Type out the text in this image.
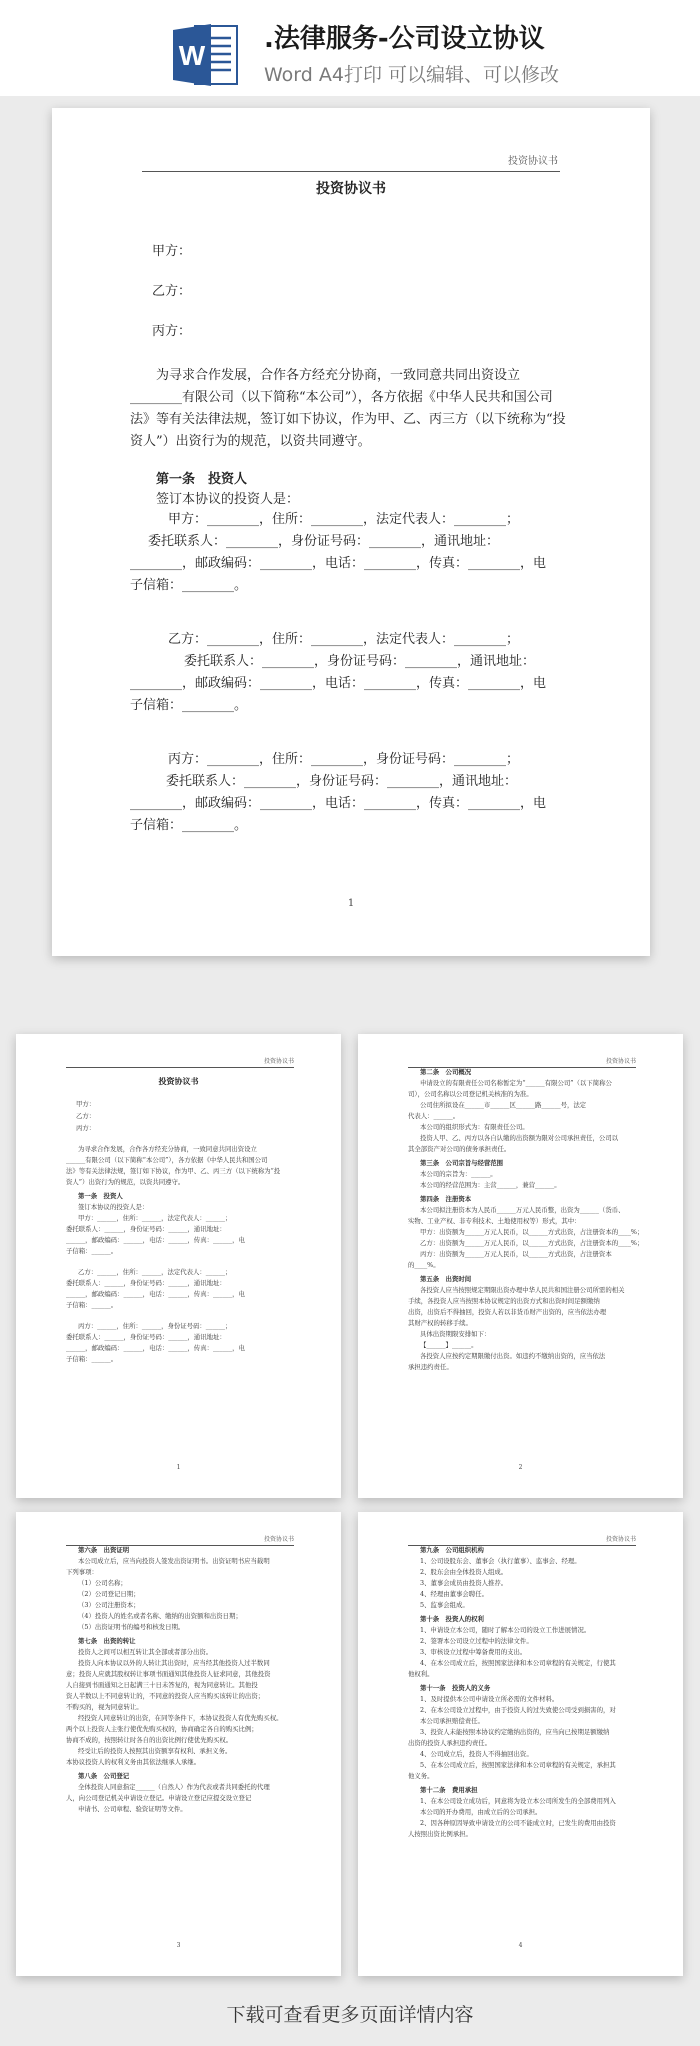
W
.法律服务-公司设立协议
Word A4打印 可以编辑、可以修改
投资协议书
投资协议书
甲方：
乙方：
丙方：
为寻求合作发展，合作各方经充分协商，一致同意共同出资设立
________有限公司（以下简称“本公司”），各方依据《中华人民共和国公司
法》等有关法律法规，签订如下协议，作为甲、乙、丙三方（以下统称为“投
资人”）出资行为的规范，以资共同遵守。
第一条　投资人
签订本协议的投资人是：
甲方：________，住所：________，法定代表人：________；
委托联系人：________，身份证号码：________，通讯地址：
________，邮政编码：________，电话：________，传真：________，电
子信箱：________。
乙方：________，住所：________，法定代表人：________；
委托联系人：________，身份证号码：________，通讯地址：
________，邮政编码：________，电话：________，传真：________，电
子信箱：________。
丙方：________，住所：________，身份证号码：________；
委托联系人：________，身份证号码：________，通讯地址：
________，邮政编码：________，电话：________，传真：________，电
子信箱：________。
1
投资协议书
投资协议书
甲方：
乙方：
丙方：
为寻求合作发展，合作各方经充分协商，一致同意共同出资设立
______有限公司（以下简称“本公司”），各方依据《中华人民共和国公司
法》等有关法律法规，签订如下协议，作为甲、乙、丙三方（以下统称为“投
资人”）出资行为的规范，以资共同遵守。
第一条　投资人
签订本协议的投资人是：
甲方：______，住所：______，法定代表人：______；
委托联系人：______，身份证号码：______，通讯地址：
______，邮政编码：______，电话：______，传真：______，电
子信箱：______。
乙方：______，住所：______，法定代表人：______；
委托联系人：______，身份证号码：______，通讯地址：
______，邮政编码：______，电话：______，传真：______，电
子信箱：______。
丙方：______，住所：______，身份证号码：______；
委托联系人：______，身份证号码：______，通讯地址：
______，邮政编码：______，电话：______，传真：______，电
子信箱：______。
1
投资协议书
第二条　公司概况
申请设立的有限责任公司名称暂定为“______有限公司”（以下简称公
司），公司名称以公司登记机关核准的为准。
公司住所拟设在______市______区______路______号，法定
代表人：______。
本公司的组织形式为：有限责任公司。
投资人甲、乙、丙方以各自认缴的出资额为限对公司承担责任，公司以
其全部资产对公司的债务承担责任。
第三条　公司宗旨与经营范围
本公司的宗旨为：______。
本公司的经营范围为：主营______，兼营______。
第四条　注册资本
本公司拟注册资本为人民币______万元人民币整，出资为______（货币、
实物、工业产权、非专利技术、土地使用权等）形式，其中：
甲方：出资额为______万元人民币，以______方式出资，占注册资本的____%；
乙方：出资额为______万元人民币，以______方式出资，占注册资本的____%；
丙方：出资额为______万元人民币，以______方式出资，占注册资本
的____%。
第五条　出资时间
各投资人应当按照规定期限出资办理中华人民共和国注册公司所需的相关
手续，各投资人应当按照本协议规定的出资方式和出资时间足额缴纳
出资，出资后不得抽回，投资人若以非货币财产出资的，应当依法办理
其财产权的转移手续。
具体出资期限安排如下：
【______】______。
各投资人应按约定期限缴付出资。如违约不缴纳出资的，应当依法
承担违约责任。
2
投资协议书
第六条　出资证明
本公司成立后，应当向投资人签发出资证明书。出资证明书应当载明
下列事项：
（1）公司名称；
（2）公司登记日期；
（3）公司注册资本；
（4）投资人的姓名或者名称、缴纳的出资额和出资日期；
（5）出资证明书的编号和核发日期。
第七条　出资的转让
投资人之间可以相互转让其全部或者部分出资。
投资人向本协议以外的人转让其出资时，应当经其他投资人过半数同
意；投资人应就其股权转让事项书面通知其他投资人征求同意，其他投资
人自接到书面通知之日起满三十日未答复的，视为同意转让。其他投
资人半数以上不同意转让的，不同意的投资人应当购买该转让的出资；
不购买的，视为同意转让。
经投资人同意转让的出资，在同等条件下，本协议投资人有优先购买权。
两个以上投资人主张行使优先购买权的，协商确定各自的购买比例；
协商不成的，按照转让时各自的出资比例行使优先购买权。
经受让后的投资人按照其出资额享有权利、承担义务。
本协议投资人的权利义务由其依法继承人承继。
第八条　公司登记
全体投资人同意指定______（自然人）作为代表或者共同委托的代理
人，向公司登记机关申请设立登记。申请设立登记应提交设立登记
申请书、公司章程、验资证明等文件。
3
投资协议书
第九条　公司组织机构
1、公司设股东会、董事会（执行董事）、监事会、经理。
2、股东会由全体投资人组成。
3、董事会成员由投资人推荐。
4、经理由董事会聘任。
5、监事会组成。
第十条　投资人的权利
1、申请设立本公司，随时了解本公司的设立工作进展情况。
2、签署本公司设立过程中的法律文件。
3、审核设立过程中筹备费用的支出。
4、在本公司成立后，按照国家法律和本公司章程的有关规定，行使其
他权利。
第十一条　投资人的义务
1、及时提供本公司申请设立所必需的文件材料。
2、在本公司设立过程中，由于投资人的过失致使公司受到损害的，对
本公司承担赔偿责任。
3、投资人未能按照本协议约定缴纳出资的，应当向已按期足额缴纳
出资的投资人承担违约责任。
4、公司成立后，投资人不得抽回出资。
5、在本公司成立后，按照国家法律和本公司章程的有关规定，承担其
他义务。
第十二条　费用承担
1、在本公司设立成功后，同意将为设立本公司所发生的全部费用列入
本公司的开办费用，由成立后的公司承担。
2、因各种原因导致申请设立的公司不能成立时，已发生的费用由投资
人按照出资比例承担。
4
下载可查看更多页面详情内容
